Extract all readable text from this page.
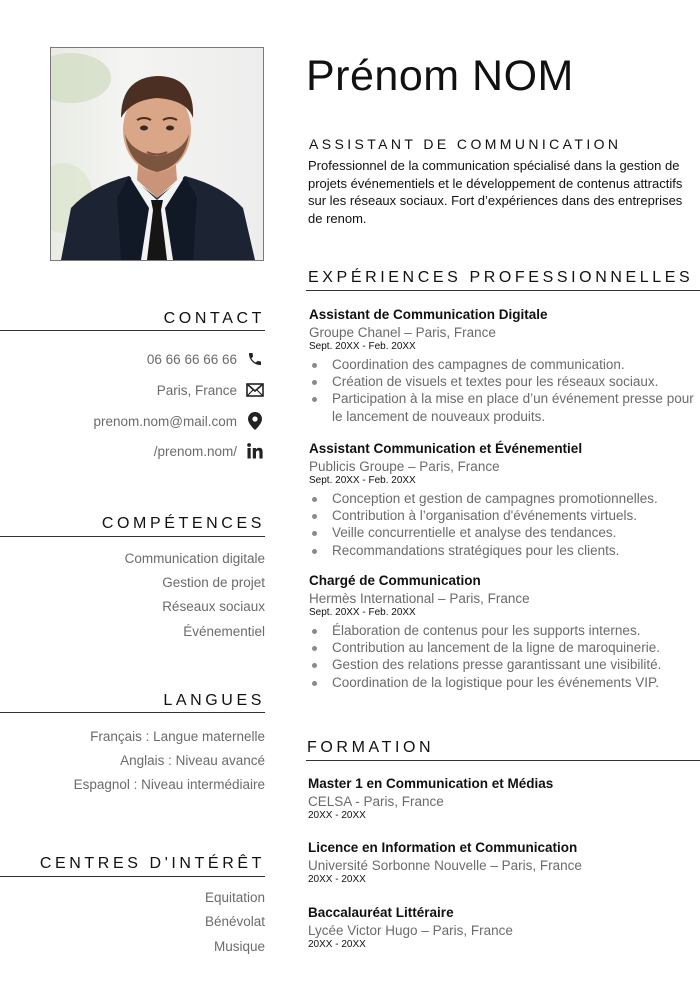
Prénom NOM
ASSISTANT DE COMMUNICATION
Professionnel de la communication spécialisé dans la gestion de projets événementiels et le développement de contenus attractifs sur les réseaux sociaux. Fort d’expériences dans des entreprises de renom.
CONTACT
06 66 66 66 66
Paris, France
prenom.nom@mail.com
/prenom.nom/
COMPÉTENCES
Communication digitale
Gestion de projet
Réseaux sociaux
Événementiel
LANGUES
Français : Langue maternelle
Anglais : Niveau avancé
Espagnol : Niveau intermédiaire
CENTRES D'INTÉRÊT
Equitation
Bénévolat
Musique
EXPÉRIENCES PROFESSIONNELLES
Assistant de Communication Digitale
Groupe Chanel – Paris, France
Sept. 20XX - Feb. 20XX
Coordination des campagnes de communication.
Création de visuels et textes pour les réseaux sociaux.
Participation à la mise en place d’un événement presse pour le lancement de nouveaux produits.
Assistant Communication et Événementiel
Publicis Groupe – Paris, France
Sept. 20XX - Feb. 20XX
Conception et gestion de campagnes promotionnelles.
Contribution à l’organisation d'événements virtuels.
Veille concurrentielle et analyse des tendances.
Recommandations stratégiques pour les clients.
Chargé de Communication
Hermès International – Paris, France
Sept. 20XX - Feb. 20XX
Élaboration de contenus pour les supports internes.
Contribution au lancement de la ligne de maroquinerie.
Gestion des relations presse garantissant une visibilité.
Coordination de la logistique pour les événements VIP.
FORMATION
Master 1 en Communication et Médias
CELSA - Paris, France
20XX - 20XX
Licence en Information et Communication
Université Sorbonne Nouvelle – Paris, France
20XX - 20XX
Baccalauréat Littéraire
Lycée Victor Hugo – Paris, France
20XX - 20XX
